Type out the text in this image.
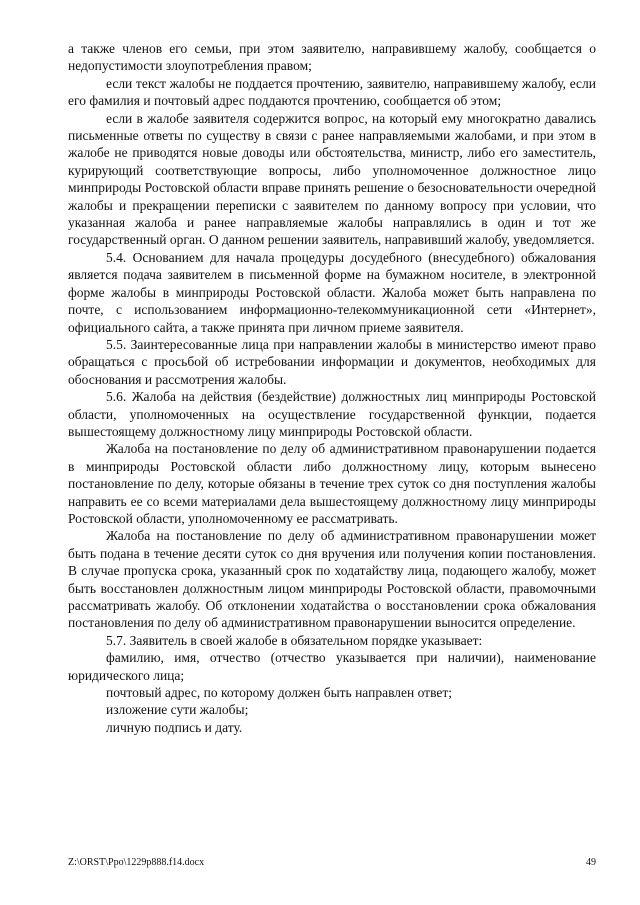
а также членов его семьи, при этом заявителю, направившему жалобу, сообщается о недопустимости злоупотребления правом;

если текст жалобы не поддается прочтению, заявителю, направившему жалобу, если его фамилия и почтовый адрес поддаются прочтению, сообщается об этом;

если в жалобе заявителя содержится вопрос, на который ему многократно давались письменные ответы по существу в связи с ранее направляемыми жалобами, и при этом в жалобе не приводятся новые доводы или обстоятельства, министр, либо его заместитель, курирующий соответствующие вопросы, либо уполномоченное должностное лицо минприроды Ростовской области вправе принять решение о безосновательности очередной жалобы и прекращении переписки с заявителем по данному вопросу при условии, что указанная жалоба и ранее направляемые жалобы направлялись в один и тот же государственный орган. О данном решении заявитель, направивший жалобу, уведомляется.

5.4. Основанием для начала процедуры досудебного (внесудебного) обжалования является подача заявителем в письменной форме на бумажном носителе, в электронной форме жалобы в минприроды Ростовской области. Жалоба может быть направлена по почте, с использованием информационно-телекоммуникационной сети «Интернет», официального сайта, а также принята при личном приеме заявителя.

5.5. Заинтересованные лица при направлении жалобы в министерство имеют право обращаться с просьбой об истребовании информации и документов, необходимых для обоснования и рассмотрения жалобы.

5.6. Жалоба на действия (бездействие) должностных лиц минприроды Ростовской области, уполномоченных на осуществление государственной функции, подается вышестоящему должностному лицу минприроды Ростовской области.

Жалоба на постановление по делу об административном правонарушении подается в минприроды Ростовской области либо должностному лицу, которым вынесено постановление по делу, которые обязаны в течение трех суток со дня поступления жалобы направить ее со всеми материалами дела вышестоящему должностному лицу минприроды Ростовской области, уполномоченному ее рассматривать.

Жалоба на постановление по делу об административном правонарушении может быть подана в течение десяти суток со дня вручения или получения копии постановления. В случае пропуска срока, указанный срок по ходатайству лица, подающего жалобу, может быть восстановлен должностным лицом минприроды Ростовской области, правомочными рассматривать жалобу. Об отклонении ходатайства о восстановлении срока обжалования постановления по делу об административном правонарушении выносится определение.

5.7. Заявитель в своей жалобе в обязательном порядке указывает:

фамилию, имя, отчество (отчество указывается при наличии), наименование юридического лица;

почтовый адрес, по которому должен быть направлен ответ;

изложение сути жалобы;

личную подпись и дату.

Z:\ORST\Ppo\1229p888.f14.docx	49
